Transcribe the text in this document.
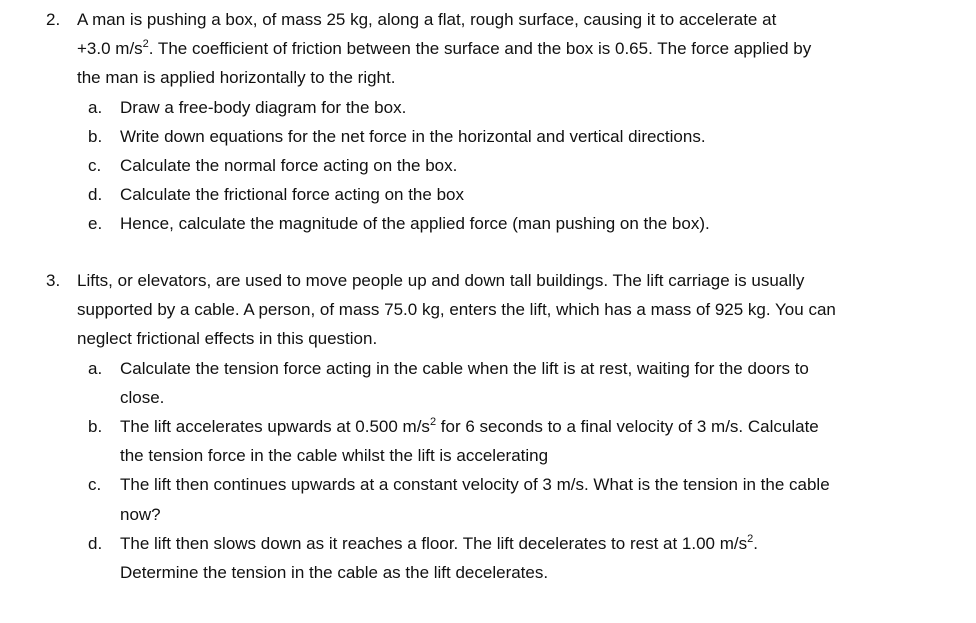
2. A man is pushing a box, of mass 25 kg, along a flat, rough surface, causing it to accelerate at
+3.0 $m/s^2$. The coefficient of friction between the surface and the box is 0.65. The force applied by
the man is applied horizontally to the right.
a. Draw a free-body diagram for the box.
b. Write down equations for the net force in the horizontal and vertical directions.
c. Calculate the normal force acting on the box.
d. Calculate the frictional force acting on the box
e. Hence, calculate the magnitude of the applied force (man pushing on the box).
3. Lifts, or elevators, are used to move people up and down tall buildings. The lift carriage is usually
supported by a cable. A person, of mass 75.0 kg, enters the lift, which has a mass of 925 kg. You can
neglect frictional effects in this question.
a. Calculate the tension force acting in the cable when the lift is at rest, waiting for the doors to
close.
b. The lift accelerates upwards at 0.500 $m/s^2$ for 6 seconds to a final velocity of 3 m/s. Calculate
the tension force in the cable whilst the lift is accelerating
c. The lift then continues upwards at a constant velocity of 3 m/s. What is the tension in the cable
now?
d. The lift then slows down as it reaches a floor. The lift decelerates to rest at 1.00 $m/s^2$.
Determine the tension in the cable as the lift decelerates.
